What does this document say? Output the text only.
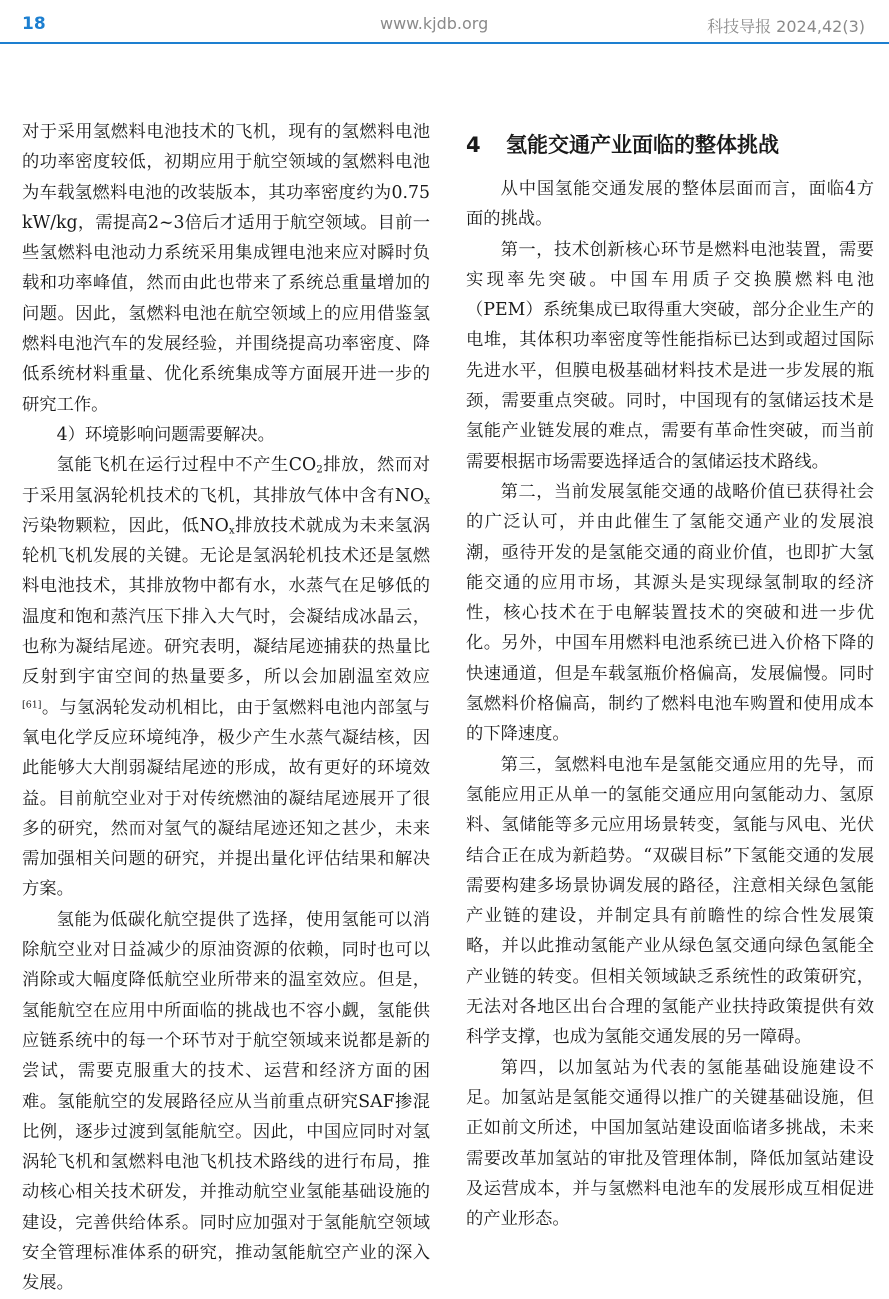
18	www.kjdb.org	科技导报 2024,42(3)

对于采用氢燃料电池技术的飞机，现有的氢燃料电池的功率密度较低，初期应用于航空领域的氢燃料电池为车载氢燃料电池的改装版本，其功率密度约为0.75 kW/kg，需提高2~3倍后才适用于航空领域。目前一些氢燃料电池动力系统采用集成锂电池来应对瞬时负载和功率峰值，然而由此也带来了系统总重量增加的问题。因此，氢燃料电池在航空领域上的应用借鉴氢燃料电池汽车的发展经验，并围绕提高功率密度、降低系统材料重量、优化系统集成等方面展开进一步的研究工作。

4）环境影响问题需要解决。

氢能飞机在运行过程中不产生$CO_2$排放，然而对于采用氢涡轮机技术的飞机，其排放气体中含有$NO_x$污染物颗粒，因此，低$NO_x$排放技术就成为未来氢涡轮机飞机发展的关键。无论是氢涡轮机技术还是氢燃料电池技术，其排放物中都有水，水蒸气在足够低的温度和饱和蒸汽压下排入大气时，会凝结成冰晶云，也称为凝结尾迹。研究表明，凝结尾迹捕获的热量比反射到宇宙空间的热量要多，所以会加剧温室效应[61]。与氢涡轮发动机相比，由于氢燃料电池内部氢与氧电化学反应环境纯净，极少产生水蒸气凝结核，因此能够大大削弱凝结尾迹的形成，故有更好的环境效益。目前航空业对于对传统燃油的凝结尾迹展开了很多的研究，然而对氢气的凝结尾迹还知之甚少，未来需加强相关问题的研究，并提出量化评估结果和解决方案。

氢能为低碳化航空提供了选择，使用氢能可以消除航空业对日益减少的原油资源的依赖，同时也可以消除或大幅度降低航空业所带来的温室效应。但是，氢能航空在应用中所面临的挑战也不容小觑，氢能供应链系统中的每一个环节对于航空领域来说都是新的尝试，需要克服重大的技术、运营和经济方面的困难。氢能航空的发展路径应从当前重点研究SAF掺混比例，逐步过渡到氢能航空。因此，中国应同时对氢涡轮飞机和氢燃料电池飞机技术路线的进行布局，推动核心相关技术研发，并推动航空业氢能基础设施的建设，完善供给体系。同时应加强对于氢能航空领域安全管理标准体系的研究，推动氢能航空产业的深入发展。

4 氢能交通产业面临的整体挑战

从中国氢能交通发展的整体层面而言，面临4方面的挑战。

第一，技术创新核心环节是燃料电池装置，需要实现率先突破。中国车用质子交换膜燃料电池（PEM）系统集成已取得重大突破，部分企业生产的电堆，其体积功率密度等性能指标已达到或超过国际先进水平，但膜电极基础材料技术是进一步发展的瓶颈，需要重点突破。同时，中国现有的氢储运技术是氢能产业链发展的难点，需要有革命性突破，而当前需要根据市场需要选择适合的氢储运技术路线。

第二，当前发展氢能交通的战略价值已获得社会的广泛认可，并由此催生了氢能交通产业的发展浪潮，亟待开发的是氢能交通的商业价值，也即扩大氢能交通的应用市场，其源头是实现绿氢制取的经济性，核心技术在于电解装置技术的突破和进一步优化。另外，中国车用燃料电池系统已进入价格下降的快速通道，但是车载氢瓶价格偏高，发展偏慢。同时氢燃料价格偏高，制约了燃料电池车购置和使用成本的下降速度。

第三，氢燃料电池车是氢能交通应用的先导，而氢能应用正从单一的氢能交通应用向氢能动力、氢原料、氢储能等多元应用场景转变，氢能与风电、光伏结合正在成为新趋势。“双碳目标”下氢能交通的发展需要构建多场景协调发展的路径，注意相关绿色氢能产业链的建设，并制定具有前瞻性的综合性发展策略，并以此推动氢能产业从绿色氢交通向绿色氢能全产业链的转变。但相关领域缺乏系统性的政策研究，无法对各地区出台合理的氢能产业扶持政策提供有效科学支撑，也成为氢能交通发展的另一障碍。

第四，以加氢站为代表的氢能基础设施建设不足。加氢站是氢能交通得以推广的关键基础设施，但正如前文所述，中国加氢站建设面临诸多挑战，未来需要改革加氢站的审批及管理体制，降低加氢站建设及运营成本，并与氢燃料电池车的发展形成互相促进的产业形态。
